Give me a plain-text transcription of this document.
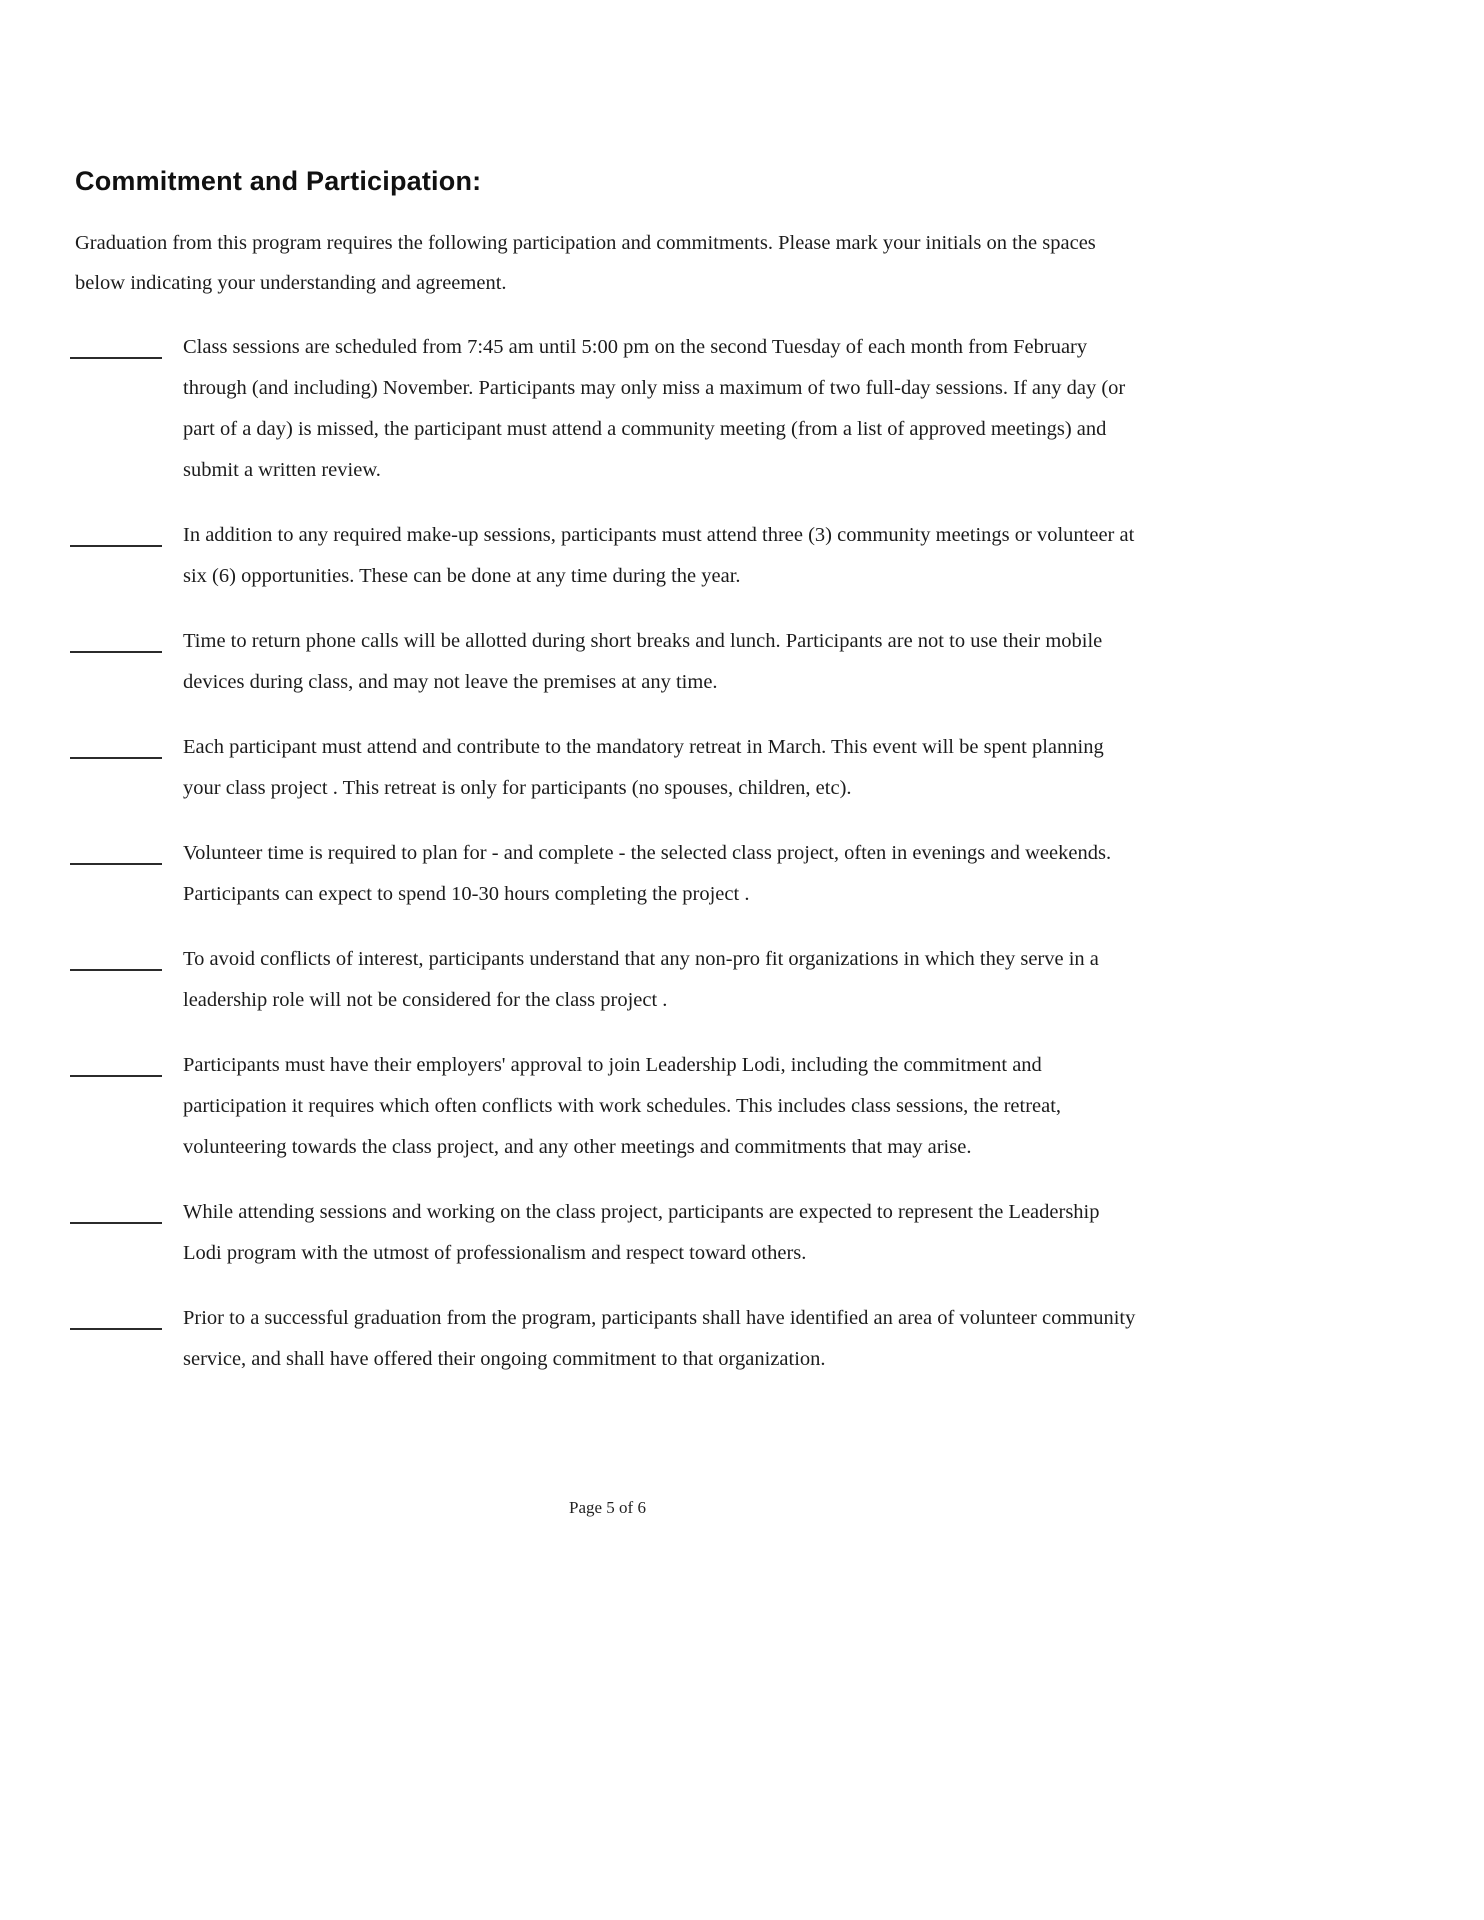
Commitment and Participation:

Graduation from this program requires the following participation and commitments. Please mark your initials on the spaces below indicating your understanding and agreement.

Class sessions are scheduled from 7:45 am until 5:00 pm on the second Tuesday of each month from February through (and including) November. Participants may only miss a maximum of two full-day sessions. If any day (or part of a day) is missed, the participant must attend a community meeting (from a list of approved meetings) and submit a written review.

In addition to any required make-up sessions, participants must attend three (3) community meetings or volunteer at six (6) opportunities. These can be done at any time during the year.

Time to return phone calls will be allotted during short breaks and lunch. Participants are not to use their mobile devices during class, and may not leave the premises at any time.

Each participant must attend and contribute to the mandatory retreat in March. This event will be spent planning your class project . This retreat is only for participants (no spouses, children, etc).

Volunteer time is required to plan for - and complete - the selected class project, often in evenings and weekends. Participants can expect to spend 10-30 hours completing the project .

To avoid conflicts of interest, participants understand that any non-pro fit organizations in which they serve in a leadership role will not be considered for the class project .

Participants must have their employers' approval to join Leadership Lodi, including the commitment and participation it requires which often conflicts with work schedules. This includes class sessions, the retreat, volunteering towards the class project, and any other meetings and commitments that may arise.

While attending sessions and working on the class project, participants are expected to represent the Leadership Lodi program with the utmost of professionalism and respect toward others.

Prior to a successful graduation from the program, participants shall have identified an area of volunteer community service, and shall have offered their ongoing commitment to that organization.

Page 5 of 6
